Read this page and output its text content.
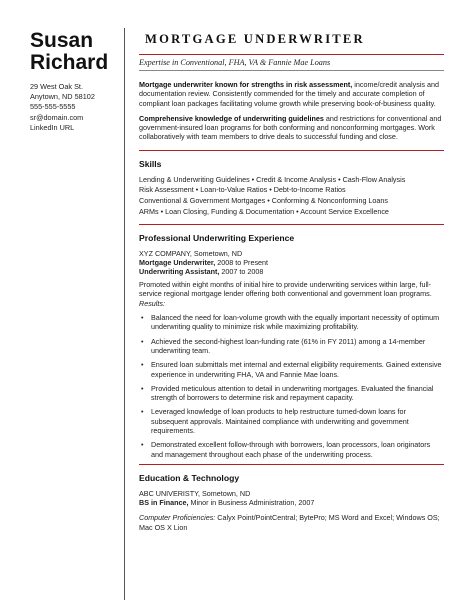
Susan
Richard
29 West Oak St.
Anytown, ND 58102
555-555-5555
sr@domain.com
LinkedIn URL
MORTGAGE UNDERWRITER
Expertise in Conventional, FHA, VA & Fannie Mae Loans

Mortgage underwriter known for strengths in risk assessment, income/credit analysis and documentation review. Consistently commended for the timely and accurate completion of compliant loan packages facilitating volume growth while preserving book-of-business quality.

Comprehensive knowledge of underwriting guidelines and restrictions for conventional and government-insured loan programs for both conforming and nonconforming mortgages. Work collaboratively with team members to drive deals to successful funding and close.

Skills
Lending & Underwriting Guidelines • Credit & Income Analysis • Cash-Flow Analysis
Risk Assessment • Loan-to-Value Ratios • Debt-to-Income Ratios
Conventional & Government Mortgages • Conforming & Nonconforming Loans
ARMs • Loan Closing, Funding & Documentation • Account Service Excellence
Professional Underwriting Experience
XYZ COMPANY, Sometown, ND
Mortgage Underwriter, 2008 to Present
Underwriting Assistant, 2007 to 2008

Promoted within eight months of initial hire to provide underwriting services within large, full-service regional mortgage lender offering both conventional and government loan programs. Results:

• Balanced the need for loan-volume growth with the equally important necessity of optimum underwriting quality to minimize risk while maximizing profitability.
• Achieved the second-highest loan-funding rate (61% in FY 2011) among a 14-member underwriting team.
• Ensured loan submittals met internal and external eligibility requirements. Gained extensive experience in underwriting FHA, VA and Fannie Mae loans.
• Provided meticulous attention to detail in underwriting mortgages. Evaluated the financial strength of borrowers to determine risk and repayment capacity.
• Leveraged knowledge of loan products to help restructure turned-down loans for subsequent approvals. Maintained compliance with underwriting and government requirements.
• Demonstrated excellent follow-through with borrowers, loan processors, loan originators and management throughout each phase of the underwriting process.
Education & Technology
ABC UNIVERISTY, Sometown, ND
BS in Finance, Minor in Business Administration, 2007
Computer Proficiencies: Calyx Point/PointCentral; BytePro; MS Word and Excel; Windows OS; Mac OS X Lion
